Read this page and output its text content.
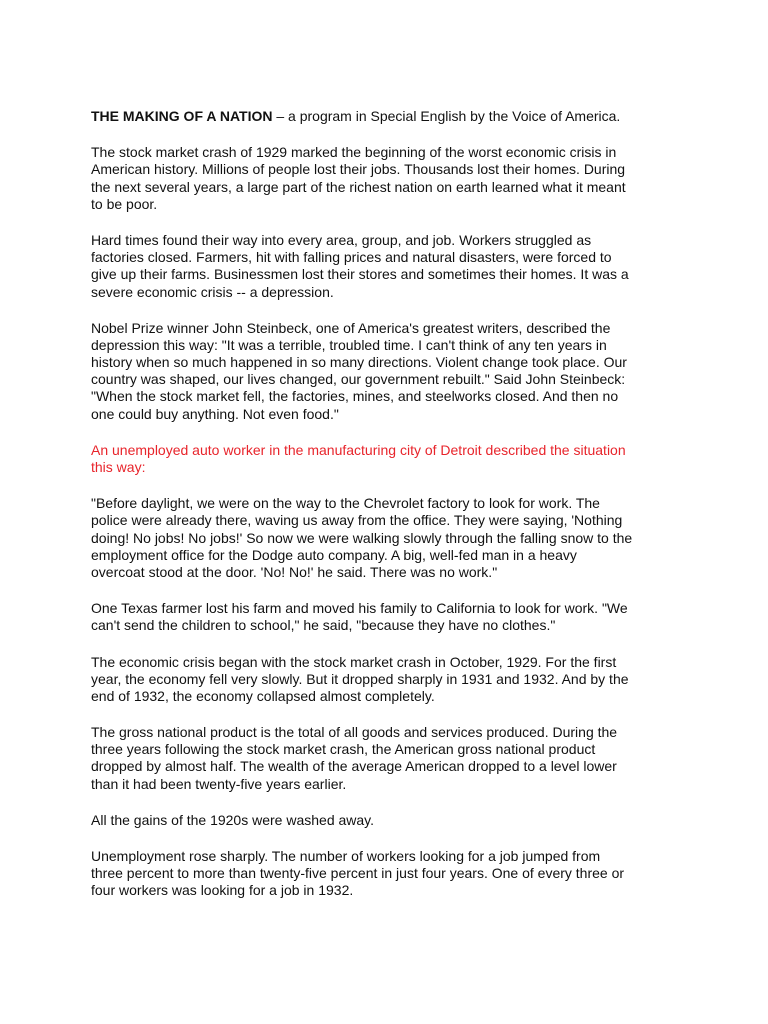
THE MAKING OF A NATION – a program in Special English by the Voice of America.

The stock market crash of 1929 marked the beginning of the worst economic crisis in
American history. Millions of people lost their jobs. Thousands lost their homes. During
the next several years, a large part of the richest nation on earth learned what it meant
to be poor.

Hard times found their way into every area, group, and job. Workers struggled as
factories closed. Farmers, hit with falling prices and natural disasters, were forced to
give up their farms. Businessmen lost their stores and sometimes their homes. It was a
severe economic crisis -- a depression.

Nobel Prize winner John Steinbeck, one of America's greatest writers, described the
depression this way: "It was a terrible, troubled time. I can't think of any ten years in
history when so much happened in so many directions. Violent change took place. Our
country was shaped, our lives changed, our government rebuilt." Said John Steinbeck:
"When the stock market fell, the factories, mines, and steelworks closed. And then no
one could buy anything. Not even food."

An unemployed auto worker in the manufacturing city of Detroit described the situation
this way:

"Before daylight, we were on the way to the Chevrolet factory to look for work. The
police were already there, waving us away from the office. They were saying, 'Nothing
doing! No jobs! No jobs!' So now we were walking slowly through the falling snow to the
employment office for the Dodge auto company. A big, well-fed man in a heavy
overcoat stood at the door. 'No! No!' he said. There was no work."

One Texas farmer lost his farm and moved his family to California to look for work. "We
can't send the children to school," he said, "because they have no clothes."

The economic crisis began with the stock market crash in October, 1929. For the first
year, the economy fell very slowly. But it dropped sharply in 1931 and 1932. And by the
end of 1932, the economy collapsed almost completely.

The gross national product is the total of all goods and services produced. During the
three years following the stock market crash, the American gross national product
dropped by almost half. The wealth of the average American dropped to a level lower
than it had been twenty-five years earlier.

All the gains of the 1920s were washed away.

Unemployment rose sharply. The number of workers looking for a job jumped from
three percent to more than twenty-five percent in just four years. One of every three or
four workers was looking for a job in 1932.
